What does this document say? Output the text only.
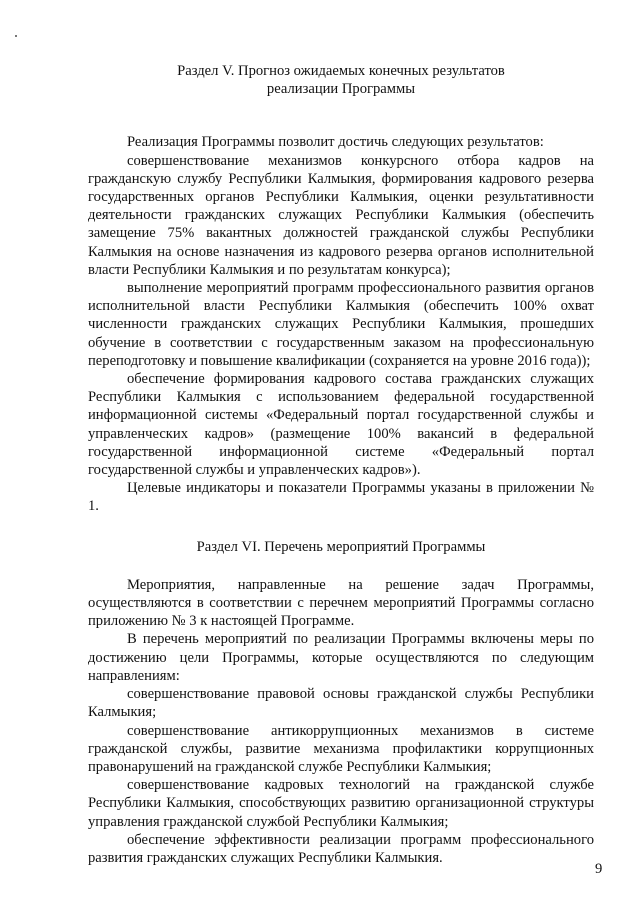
Раздел V. Прогноз ожидаемых конечных результатов
реализации Программы

Реализация Программы позволит достичь следующих результатов:

совершенствование механизмов конкурсного отбора кадров на гражданскую службу Республики Калмыкия, формирования кадрового резерва государственных органов Республики Калмыкия, оценки результативности деятельности гражданских служащих Республики Калмыкия (обеспечить замещение 75% вакантных должностей гражданской службы Республики Калмыкия на основе назначения из кадрового резерва органов исполнительной власти Республики Калмыкия и по результатам конкурса);

выполнение мероприятий программ профессионального развития органов исполнительной власти Республики Калмыкия (обеспечить 100% охват численности гражданских служащих Республики Калмыкия, прошедших обучение в соответствии с государственным заказом на профессиональную переподготовку и повышение квалификации (сохраняется на уровне 2016 года));

обеспечение формирования кадрового состава гражданских служащих Республики Калмыкия с использованием федеральной государственной информационной системы «Федеральный портал государственной службы и управленческих кадров» (размещение 100% вакансий в федеральной государственной информационной системе «Федеральный портал государственной службы и управленческих кадров»).

Целевые индикаторы и показатели Программы указаны в приложении № 1.

Раздел VI. Перечень мероприятий Программы

Мероприятия, направленные на решение задач Программы, осуществляются в соответствии с перечнем мероприятий Программы согласно приложению № 3 к настоящей Программе.

В перечень мероприятий по реализации Программы включены меры по достижению цели Программы, которые осуществляются по следующим направлениям:

совершенствование правовой основы гражданской службы Республики Калмыкия;

совершенствование антикоррупционных механизмов в системе гражданской службы, развитие механизма профилактики коррупционных правонарушений на гражданской службе Республики Калмыкия;

совершенствование кадровых технологий на гражданской службе Республики Калмыкия, способствующих развитию организационной структуры управления гражданской службой Республики Калмыкия;

обеспечение эффективности реализации программ профессионального развития гражданских служащих Республики Калмыкия.

9
